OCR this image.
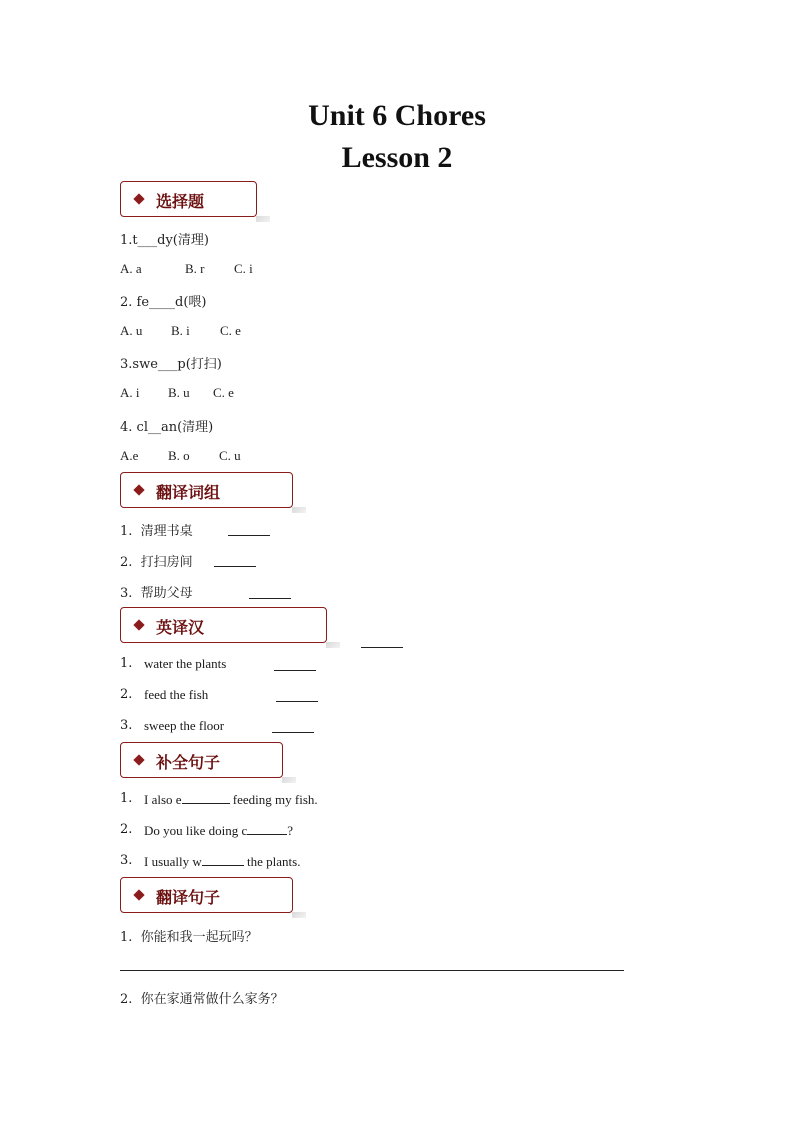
Unit 6 Chores
Lesson 2
选择题
1.t___dy(清理)
A. a	B. r C. i
2. fe____d(喂)
A. u B. i C. e
3.swe___p(打扫)
A. i B. u C. e
4. cl__an(清理)
A.e B. o C. u
翻译词组
1.  清理书桌
2.  打扫房间
3.  帮助父母
英译汉
1. water the plants
2. feed the fish
3. sweep the floor
补全句子
1. I also e	feeding my fish.
2. Do you like doing c	?
3. I usually w	the plants.
翻译句子
1.  你能和我一起玩吗？
2.  你在家通常做什么家务？
